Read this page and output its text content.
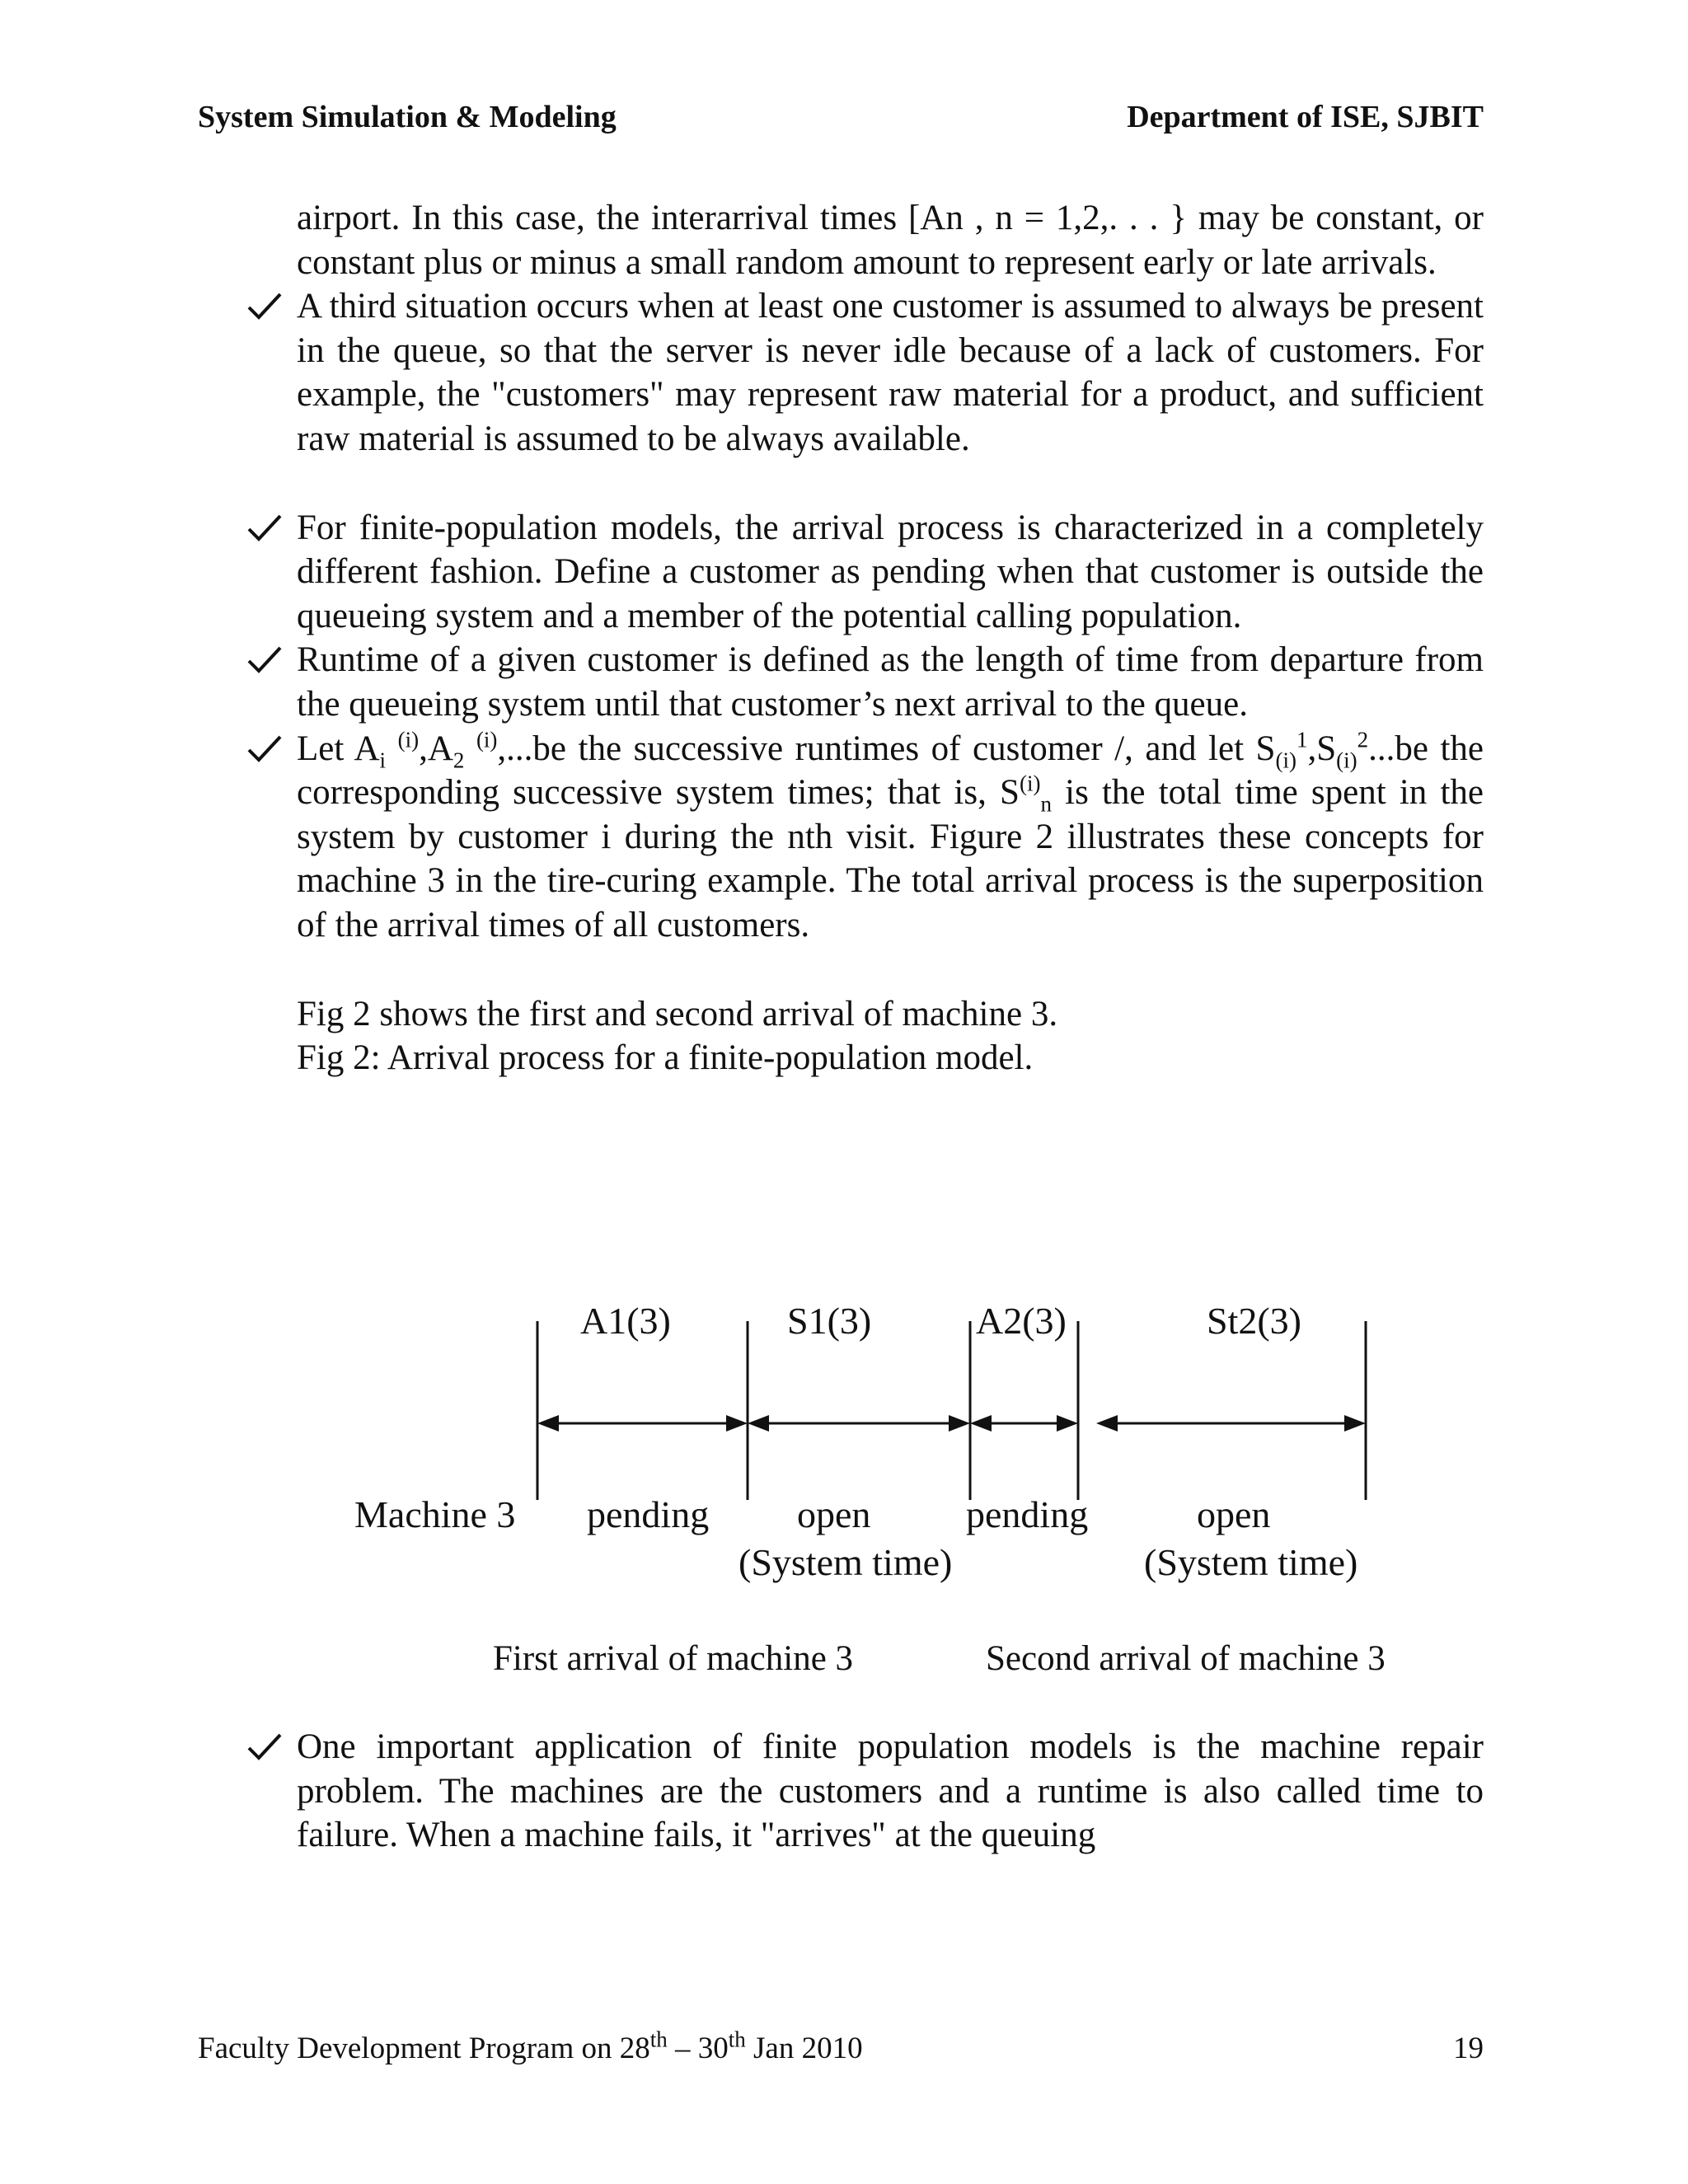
System Simulation & Modeling	Department of ISE, SJBIT
airport. In this case, the interarrival times [An , n = 1,2,. . . } may be constant, or constant plus or minus a small random amount to represent early or late arrivals.
A third situation occurs when at least one customer is assumed to always be present in the queue, so that the server is never idle because of a lack of customers. For example, the "customers" may represent raw material for a product, and sufficient raw material is assumed to be always available.
For finite-population models, the arrival process is characterized in a completely different fashion. Define a customer as pending when that customer is outside the queueing system and a member of the potential calling population.
Runtime of a given customer is defined as the length of time from departure from the queueing system until that customer’s next arrival to the queue.
Let $A_i$ $^{(i)},A_2$ $^{(i)}$,...be the successive runtimes of customer /, and let $S_{(i)}^1,S_{(i)}^2...be$ the corresponding successive system times; that is, $S^{(i)}_n$ is the total time spent in the system by customer i during the nth visit. Figure 2 illustrates these concepts for machine 3 in the tire-curing example. The total arrival process is the superposition of the arrival times of all customers.
Fig 2 shows the first and second arrival of machine 3.
Fig 2: Arrival process for a finite-population model.
A1(3)	S1(3)	A2(3)	St2(3)
Machine 3 pending open
(System time)
pending	open
(System time)
First arrival of machine 3	Second arrival of machine 3
One important application of finite population models is the machine repair problem. The machines are the customers and a runtime is also called time to failure. When a machine fails, it "arrives" at the queuing
Faculty Development Program on 28th – 30th Jan 2010	19
